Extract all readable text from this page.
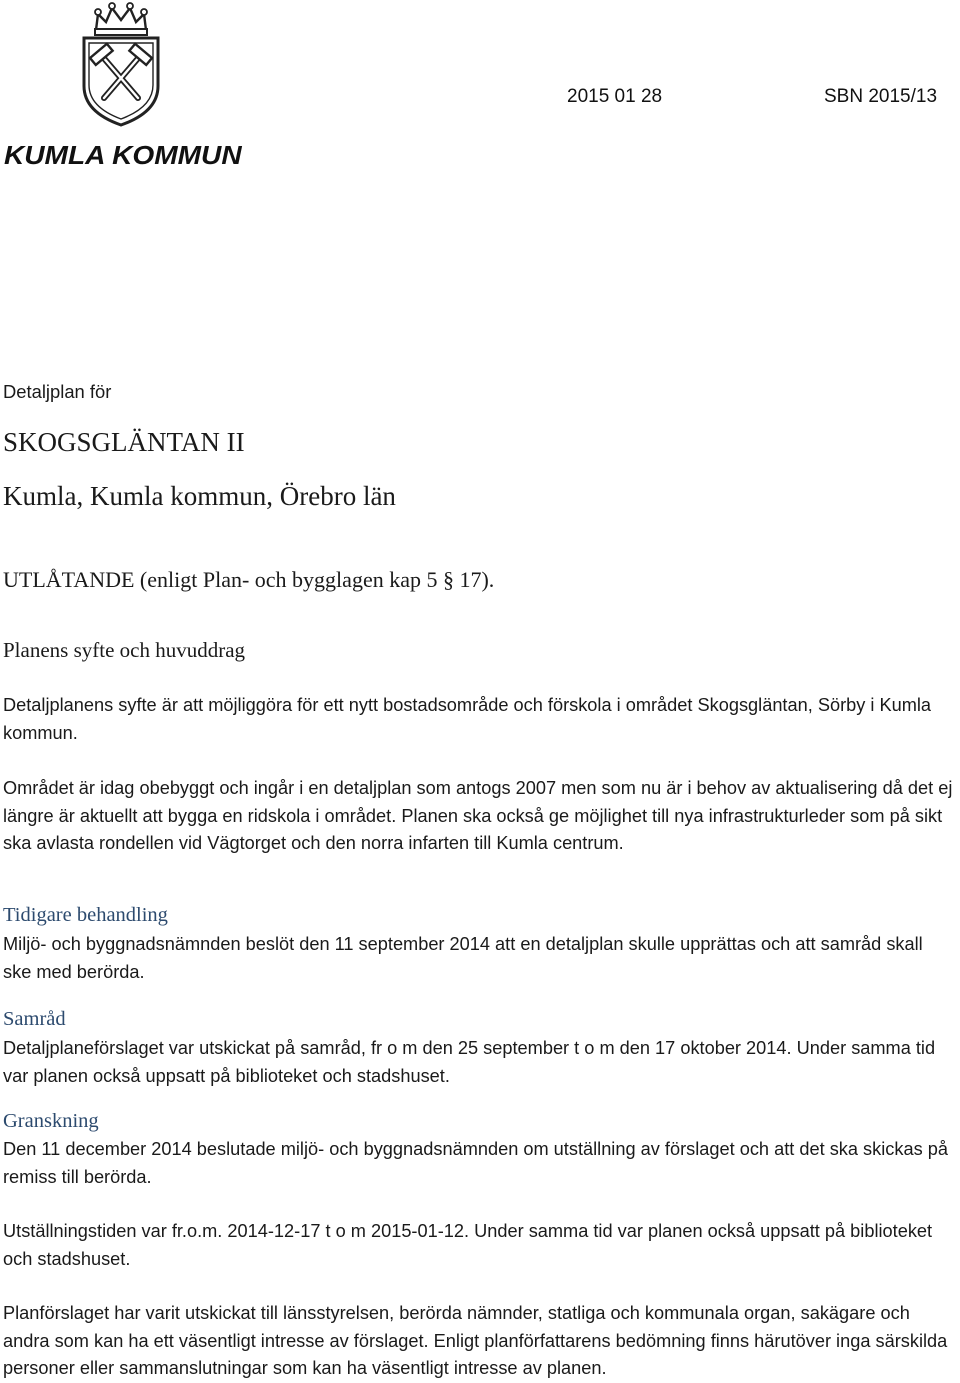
KUMLA KOMMUN
2015 01 28	SBN 2015/13
Detaljplan för
SKOGSGLÄNTAN II
Kumla, Kumla kommun, Örebro län
UTLÅTANDE (enligt Plan- och bygglagen kap 5 § 17).
Planens syfte och huvuddrag
Detaljplanens syfte är att möjliggöra för ett nytt bostadsområde och förskola i området Skogsgläntan, Sörby i Kumla kommun.
Området är idag obebyggt och ingår i en detaljplan som antogs 2007 men som nu är i behov av aktualisering då det ej längre är aktuellt att bygga en ridskola i området. Planen ska också ge möjlighet till nya infrastrukturleder som på sikt ska avlasta rondellen vid Vägtorget och den norra infarten till Kumla centrum.
Tidigare behandling
Miljö- och byggnadsnämnden beslöt den 11 september 2014 att en detaljplan skulle upprättas och att samråd skall ske med berörda.
Samråd
Detaljplaneförslaget var utskickat på samråd, fr o m den 25 september t o m den 17 oktober 2014. Under samma tid var planen också uppsatt på biblioteket och stadshuset.
Granskning
Den 11 december 2014 beslutade miljö- och byggnadsnämnden om utställning av förslaget och att det ska skickas på remiss till berörda.
Utställningstiden var fr.o.m. 2014-12-17 t o m 2015-01-12. Under samma tid var planen också uppsatt på biblioteket och stadshuset.
Planförslaget har varit utskickat till länsstyrelsen, berörda nämnder, statliga och kommunala organ, sakägare och andra som kan ha ett väsentligt intresse av förslaget. Enligt planförfattarens bedömning finns härutöver inga särskilda personer eller sammanslutningar som kan ha väsentligt intresse av planen.
